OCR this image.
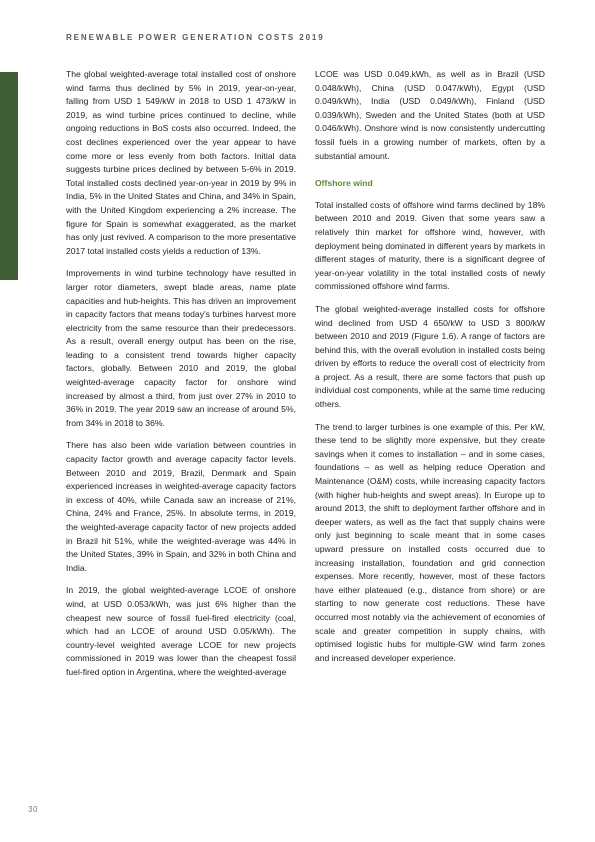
RENEWABLE POWER GENERATION COSTS 2019

The global weighted-average total installed cost of onshore wind farms thus declined by 5% in 2019, year-on-year, falling from USD 1 549/kW in 2018 to USD 1 473/kW in 2019, as wind turbine prices continued to decline, while ongoing reductions in BoS costs also occurred. Indeed, the cost declines experienced over the year appear to have come more or less evenly from both factors. Initial data suggests turbine prices declined by between 5-6% in 2019. Total installed costs declined year-on-year in 2019 by 9% in India, 5% in the United States and China, and 34% in Spain, with the United Kingdom experiencing a 2% increase. The figure for Spain is somewhat exaggerated, as the market has only just revived. A comparison to the more presentative 2017 total installed costs yields a reduction of 13%.

Improvements in wind turbine technology have resulted in larger rotor diameters, swept blade areas, name plate capacities and hub-heights. This has driven an improvement in capacity factors that means today's turbines harvest more electricity from the same resource than their predecessors. As a result, overall energy output has been on the rise, leading to a consistent trend towards higher capacity factors, globally. Between 2010 and 2019, the global weighted-average capacity factor for onshore wind increased by almost a third, from just over 27% in 2010 to 36% in 2019. The year 2019 saw an increase of around 5%, from 34% in 2018 to 36%.

There has also been wide variation between countries in capacity factor growth and average capacity factor levels. Between 2010 and 2019, Brazil, Denmark and Spain experienced increases in weighted-average capacity factors in excess of 40%, while Canada saw an increase of 21%, China, 24% and France, 25%. In absolute terms, in 2019, the weighted-average capacity factor of new projects added in Brazil hit 51%, while the weighted-average was 44% in the United States, 39% in Spain, and 32% in both China and India.

In 2019, the global weighted-average LCOE of onshore wind, at USD 0.053/kWh, was just 6% higher than the cheapest new source of fossil fuel-fired electricity (coal, which had an LCOE of around USD 0.05/kWh). The country-level weighted average LCOE for new projects commissioned in 2019 was lower than the cheapest fossil fuel-fired option in Argentina, where the weighted-average

LCOE was USD 0.049.kWh, as well as in Brazil (USD 0.048/kWh), China (USD 0.047/kWh), Egypt (USD 0.049/kWh), India (USD 0.049/kWh), Finland (USD 0.039/kWh), Sweden and the United States (both at USD 0.046/kWh). Onshore wind is now consistently undercutting fossil fuels in a growing number of markets, often by a substantial amount.

Offshore wind

Total installed costs of offshore wind farms declined by 18% between 2010 and 2019. Given that some years saw a relatively thin market for offshore wind, however, with deployment being dominated in different years by markets in different stages of maturity, there is a significant degree of year-on-year volatility in the total installed costs of newly commissioned offshore wind farms.

The global weighted-average installed costs for offshore wind declined from USD 4 650/kW to USD 3 800/kW between 2010 and 2019 (Figure 1.6). A range of factors are behind this, with the overall evolution in installed costs being driven by efforts to reduce the overall cost of electricity from a project. As a result, there are some factors that push up individual cost components, while at the same time reducing others.

The trend to larger turbines is one example of this. Per kW, these tend to be slightly more expensive, but they create savings when it comes to installation – and in some cases, foundations – as well as helping reduce Operation and Maintenance (O&M) costs, while increasing capacity factors (with higher hub-heights and swept areas). In Europe up to around 2013, the shift to deployment farther offshore and in deeper waters, as well as the fact that supply chains were only just beginning to scale meant that in some cases upward pressure on installed costs occurred due to increasing installation, foundation and grid connection expenses. More recently, however, most of these factors have either plateaued (e.g., distance from shore) or are starting to now generate cost reductions. These have occurred most notably via the achievement of economies of scale and greater competition in supply chains, with optimised logistic hubs for multiple-GW wind farm zones and increased developer experience.

30
